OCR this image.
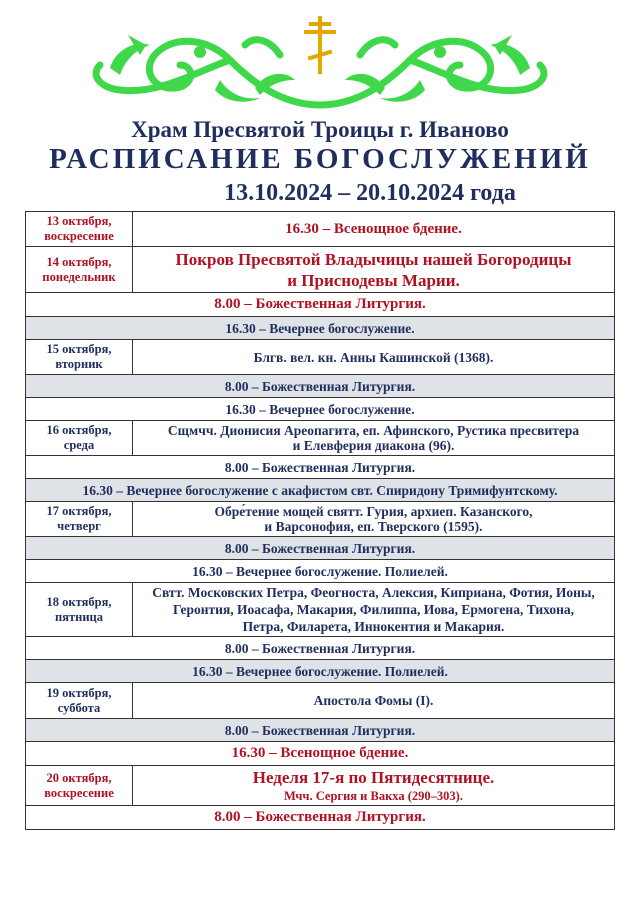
Храм Пресвятой Троицы г. Иваново
РАСПИСАНИЕ БОГОСЛУЖЕНИЙ
13.10.2024 – 20.10.2024 года
13 октября,
воскресение	16.30 – Всенощное бдение.
14 октября,
понедельник	Покров Пресвятой Владычицы нашей Богородицы
и Приснодевы Марии.
8.00 – Божественная Литургия.	
16.30 – Вечернее богослужение.	
15 октября,
вторник	Блгв. вел. кн. Анны Кашинской (1368).
8.00 – Божественная Литургия.	
16.30 – Вечернее богослужение.	
16 октября,
среда	Сщмчч. Дионисия Ареопагита, еп. Афинского, Рустика пресвитера
и Елевферия диакона (96).
8.00 – Божественная Литургия.	
16.30 – Вечернее богослужение с акафистом свт. Спиридону Тримифунтскому.	
17 октября,
четверг	Обре́тение мощей святт. Гурия, архиеп. Казанского,
и Варсонофия, еп. Тверского (1595).
8.00 – Божественная Литургия.	
16.30 – Вечернее богослужение. Полиелей.	
18 октября,
пятница	Свтт. Московских Петра, Феогноста, Алексия, Киприана, Фотия, Ионы,
Геронтия, Иоасафа, Макария, Филиппа, Иова, Ермогена, Тихона,
Петра, Филарета, Иннокентия и Макария.
8.00 – Божественная Литургия.	
16.30 – Вечернее богослужение. Полиелей.	
19 октября,
суббота	Апостола Фомы (I).
8.00 – Божественная Литургия.	
16.30 – Всенощное бдение.	
20 октября,
воскресение	Неделя 17-я по Пятидесятнице.
Мчч. Сергия и Вакха (290–303).
8.00 – Божественная Литургия.	
